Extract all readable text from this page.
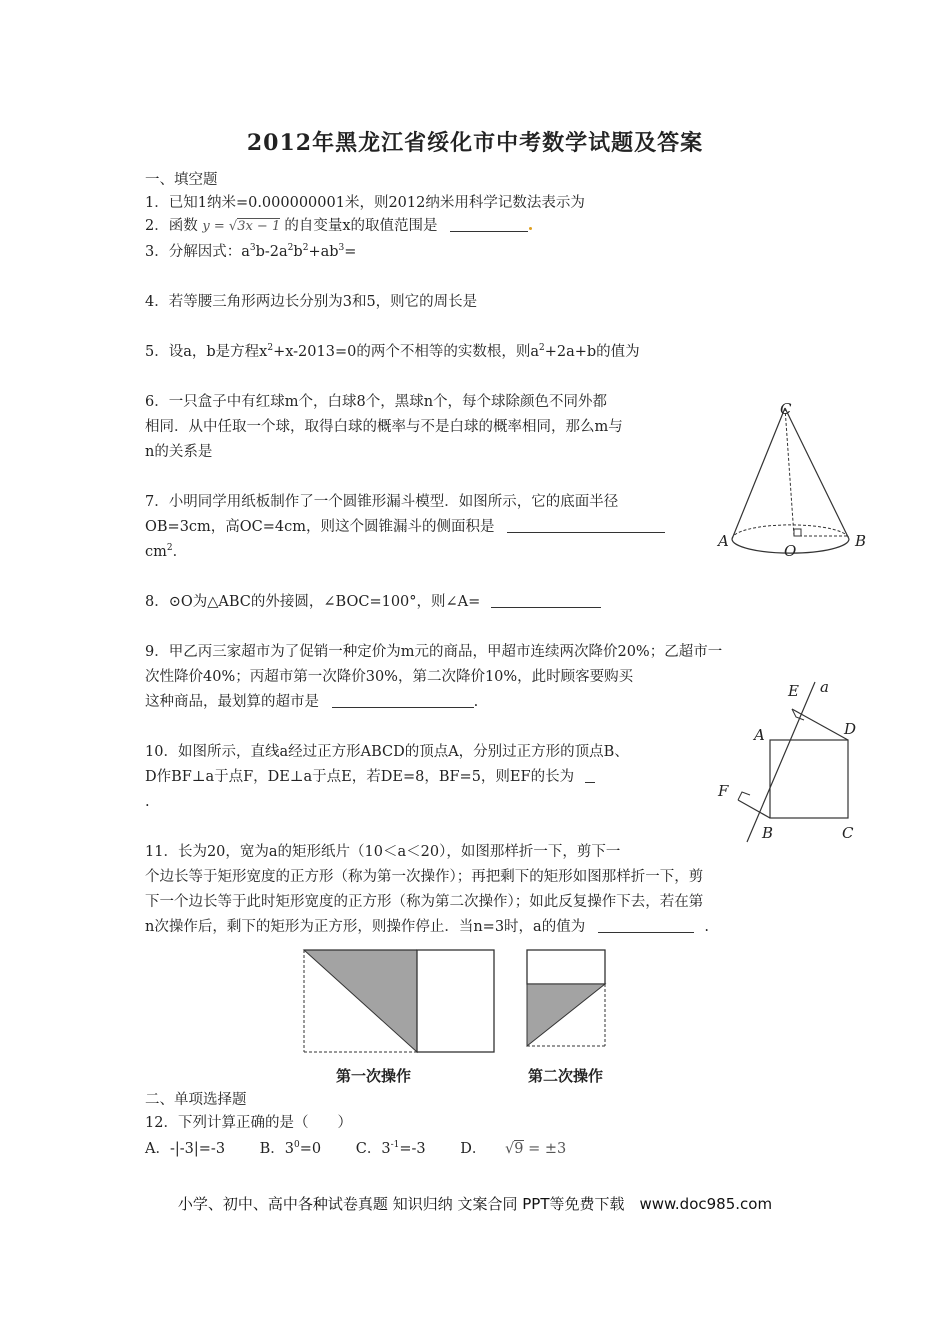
2012年黑龙江省绥化市中考数学试题及答案
一、填空题
1．已知1纳米=0.000000001米，则2012纳米用科学记数法表示为
2．函数 y = √3x − 1 的自变量x的取值范围是
3．分解因式：$a^3b-2a^2b^2+ab^3=$
4．若等腰三角形两边长分别为3和5，则它的周长是
5．设a，b是方程$x^2+x-2013=0$的两个不相等的实数根，则$a^2+2a+b$的值为
6．一只盒子中有红球m个，白球8个，黑球n个，每个球除颜色不同外都
相同．从中任取一个球，取得白球的概率与不是白球的概率相同，那么m与
n的关系是
7．小明同学用纸板制作了一个圆锥形漏斗模型．如图所示，它的底面半径
OB=3cm，高OC=4cm，则这个圆锥漏斗的侧面积是
$cm^2$．
8．⊙O为△ABC的外接圆，∠BOC=100°，则∠A=
9．甲乙丙三家超市为了促销一种定价为m元的商品，甲超市连续两次降价20%；乙超市一
次性降价40%；丙超市第一次降价30%，第二次降价10%，此时顾客要购买
这种商品，最划算的超市是	.
10．如图所示，直线a经过正方形ABCD的顶点A，分别过正方形的顶点B、
D作BF⊥a于点F，DE⊥a于点E，若DE=8，BF=5，则EF的长为
.
11．长为20，宽为a的矩形纸片（10＜a＜20），如图那样折一下，剪下一
个边长等于矩形宽度的正方形（称为第一次操作）；再把剩下的矩形如图那样折一下，剪
下一个边长等于此时矩形宽度的正方形（称为第二次操作）；如此反复操作下去，若在第
n次操作后，剩下的矩形为正方形，则操作停止．当n=3时，a的值为	.
二、单项选择题
12．下列计算正确的是（　　）
A．-|-3|=-3 B．$3^0=0$ C．$3^{-1}=-3$ D． √9 = ±3
C
A
O
B
E a
A	D
F
B	C
第一次操作	第二次操作
小学、初中、高中各种试卷真题 知识归纳 文案合同 PPT等免费下载　www.doc985.com
